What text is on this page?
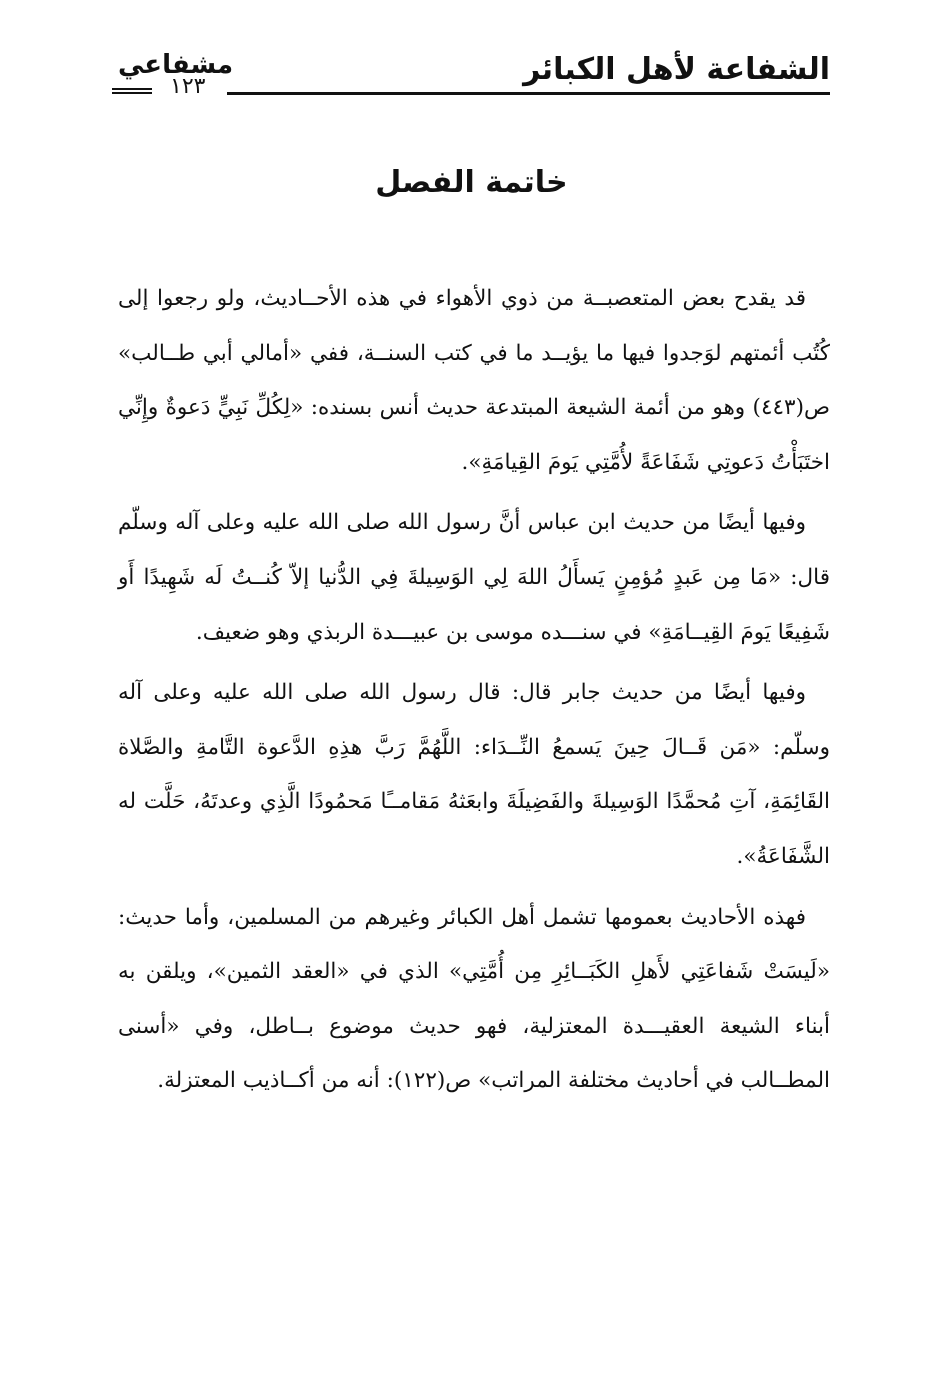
الشفاعة لأهل الكبائر
مشفاعي
١٢٣
خاتمة الفصل

قد يقدح بعض المتعصبــة من ذوي الأهواء في هذه الأحــاديث، ولو رجعوا إلى كُتُب أئمتهم لوَجدوا فيها ما يؤيــد ما في كتب السنــة، ففي «أمالي أبي طــالب» ص(٤٤٣) وهو من أئمة الشيعة المبتدعة حديث أنس بسنده: «لِكُلِّ نَبِيٍّ دَعوةٌ وإِنِّي اختَبَأْتُ دَعوتِي شَفَاعَةً لأُمَّتِي يَومَ القِيامَةِ».

وفيها أيضًا من حديث ابن عباس أنَّ رسول الله صلى الله عليه وعلى آله وسلّم قال: «مَا مِن عَبدٍ مُؤمِنٍ يَسأَلُ اللهَ لِي الوَسِيلةَ فِي الدُّنيا إلاّ كُنــتُ لَه شَهِيدًا أَو شَفِيعًا يَومَ القِيــامَةِ» في سنـــده موسى بن عبيـــدة الربذي وهو ضعيف.

وفيها أيضًا من حديث جابر قال: قال رسول الله صلى الله عليه وعلى آله وسلّم: «مَن قَــالَ حِينَ يَسمعُ النِّــدَاء: اللَّهُمَّ رَبَّ هذِهِ الدَّعوة التَّامةِ والصَّلاة القَائِمَةِ، آتِ مُحمَّدًا الوَسِيلةَ والفَضِيلَةَ وابعَثهُ مَقامــًا مَحمُودًا الَّذِي وعدتَهُ، حَلَّت له الشَّفَاعَةُ».

فهذه الأحاديث بعمومها تشمل أهل الكبائر وغيرهم من المسلمين، وأما حديث: «لَيسَتْ شَفاعَتِي لأَهلِ الكَبَــائِرِ مِن أُمَّتِي» الذي في «العقد الثمين»، ويلقن به أبناء الشيعة العقيـــدة المعتزلية، فهو حديث موضوع بــاطل، وفي «أسنى المطــالب في أحاديث مختلفة المراتب» ص(١٢٢): أنه من أكــاذيب المعتزلة.
